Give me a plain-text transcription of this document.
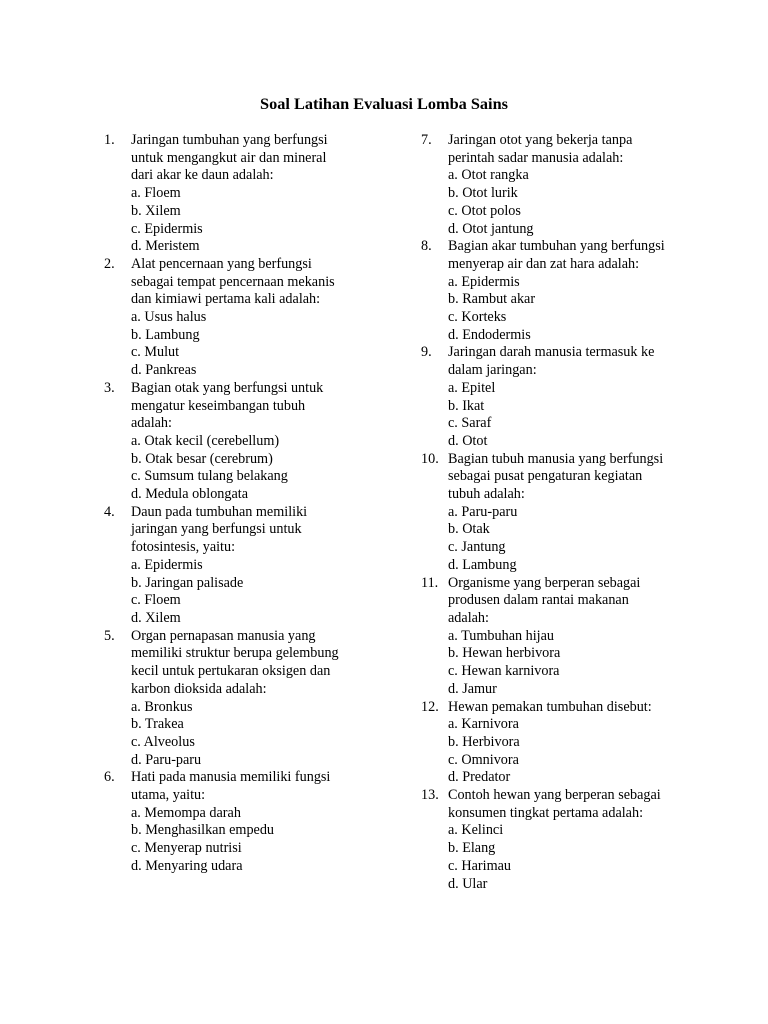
Soal Latihan Evaluasi Lomba Sains
1. Jaringan tumbuhan yang berfungsi
untuk mengangkut air dan mineral
dari akar ke daun adalah:
a. Floem
b. Xilem
c. Epidermis
d. Meristem
2. Alat pencernaan yang berfungsi
sebagai tempat pencernaan mekanis
dan kimiawi pertama kali adalah:
a. Usus halus
b. Lambung
c. Mulut
d. Pankreas
3. Bagian otak yang berfungsi untuk
mengatur keseimbangan tubuh
adalah:
a. Otak kecil (cerebellum)
b. Otak besar (cerebrum)
c. Sumsum tulang belakang
d. Medula oblongata
4. Daun pada tumbuhan memiliki
jaringan yang berfungsi untuk
fotosintesis, yaitu:
a. Epidermis
b. Jaringan palisade
c. Floem
d. Xilem
5. Organ pernapasan manusia yang
memiliki struktur berupa gelembung
kecil untuk pertukaran oksigen dan
karbon dioksida adalah:
a. Bronkus
b. Trakea
c. Alveolus
d. Paru-paru
6. Hati pada manusia memiliki fungsi
utama, yaitu:
a. Memompa darah
b. Menghasilkan empedu
c. Menyerap nutrisi
d. Menyaring udara
7. Jaringan otot yang bekerja tanpa
perintah sadar manusia adalah:
a. Otot rangka
b. Otot lurik
c. Otot polos
d. Otot jantung
8. Bagian akar tumbuhan yang berfungsi
menyerap air dan zat hara adalah:
a. Epidermis
b. Rambut akar
c. Korteks
d. Endodermis
9. Jaringan darah manusia termasuk ke
dalam jaringan:
a. Epitel
b. Ikat
c. Saraf
d. Otot
10. Bagian tubuh manusia yang berfungsi
sebagai pusat pengaturan kegiatan
tubuh adalah:
a. Paru-paru
b. Otak
c. Jantung
d. Lambung
11. Organisme yang berperan sebagai
produsen dalam rantai makanan
adalah:
a. Tumbuhan hijau
b. Hewan herbivora
c. Hewan karnivora
d. Jamur
12. Hewan pemakan tumbuhan disebut:
a. Karnivora
b. Herbivora
c. Omnivora
d. Predator
13. Contoh hewan yang berperan sebagai
konsumen tingkat pertama adalah:
a. Kelinci
b. Elang
c. Harimau
d. Ular
